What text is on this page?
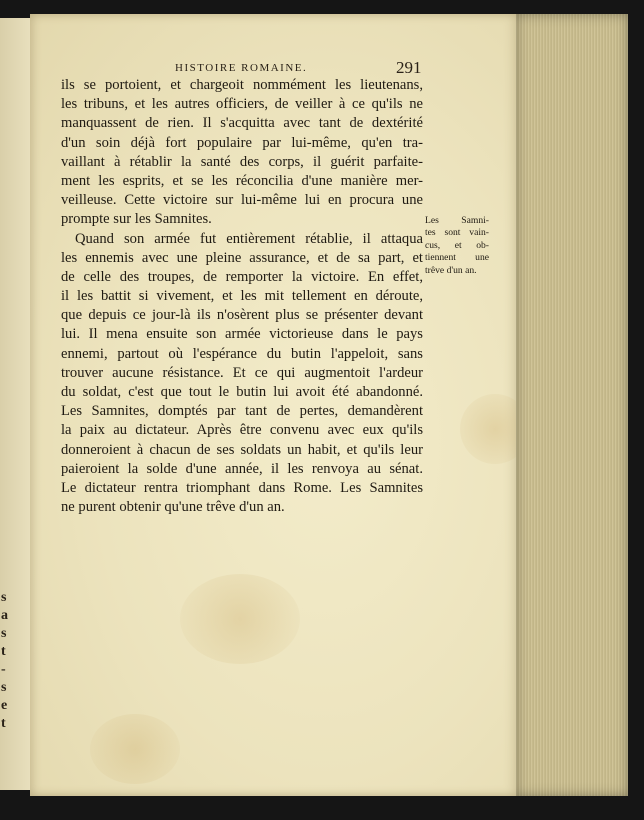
s
a
s
t
-
s
e
t
HISTOIRE ROMAINE.	291
ils se portoient, et chargeoit nommément les lieutenans,
les tribuns, et les autres officiers, de veiller à ce qu'ils ne
manquassent de rien. Il s'acquitta avec tant de dextérité
d'un soin déjà fort populaire par lui-même, qu'en tra-
vaillant à rétablir la santé des corps, il guérit parfaite-
ment les esprits, et se les réconcilia d'une manière mer-
veilleuse. Cette victoire sur lui-même lui en procura une
prompte sur les Samnites.
Quand son armée fut entièrement rétablie, il attaqua
les ennemis avec une pleine assurance, et de sa part, et
de celle des troupes, de remporter la victoire. En effet,
il les battit si vivement, et les mit tellement en déroute,
que depuis ce jour-là ils n'osèrent plus se présenter devant
lui. Il mena ensuite son armée victorieuse dans le pays
ennemi, partout où l'espérance du butin l'appeloit, sans
trouver aucune résistance. Et ce qui augmentoit l'ardeur
du soldat, c'est que tout le butin lui avoit été abandonné.
Les Samnites, domptés par tant de pertes, demandèrent
la paix au dictateur. Après être convenu avec eux qu'ils
donneroient à chacun de ses soldats un habit, et qu'ils leur
paieroient la solde d'une année, il les renvoya au sénat.
Le dictateur rentra triomphant dans Rome. Les Samnites
ne purent obtenir qu'une trêve d'un an.
Les Samni-
tes sont vain-
cus, et ob-
tiennent une
trêve d'un an.
